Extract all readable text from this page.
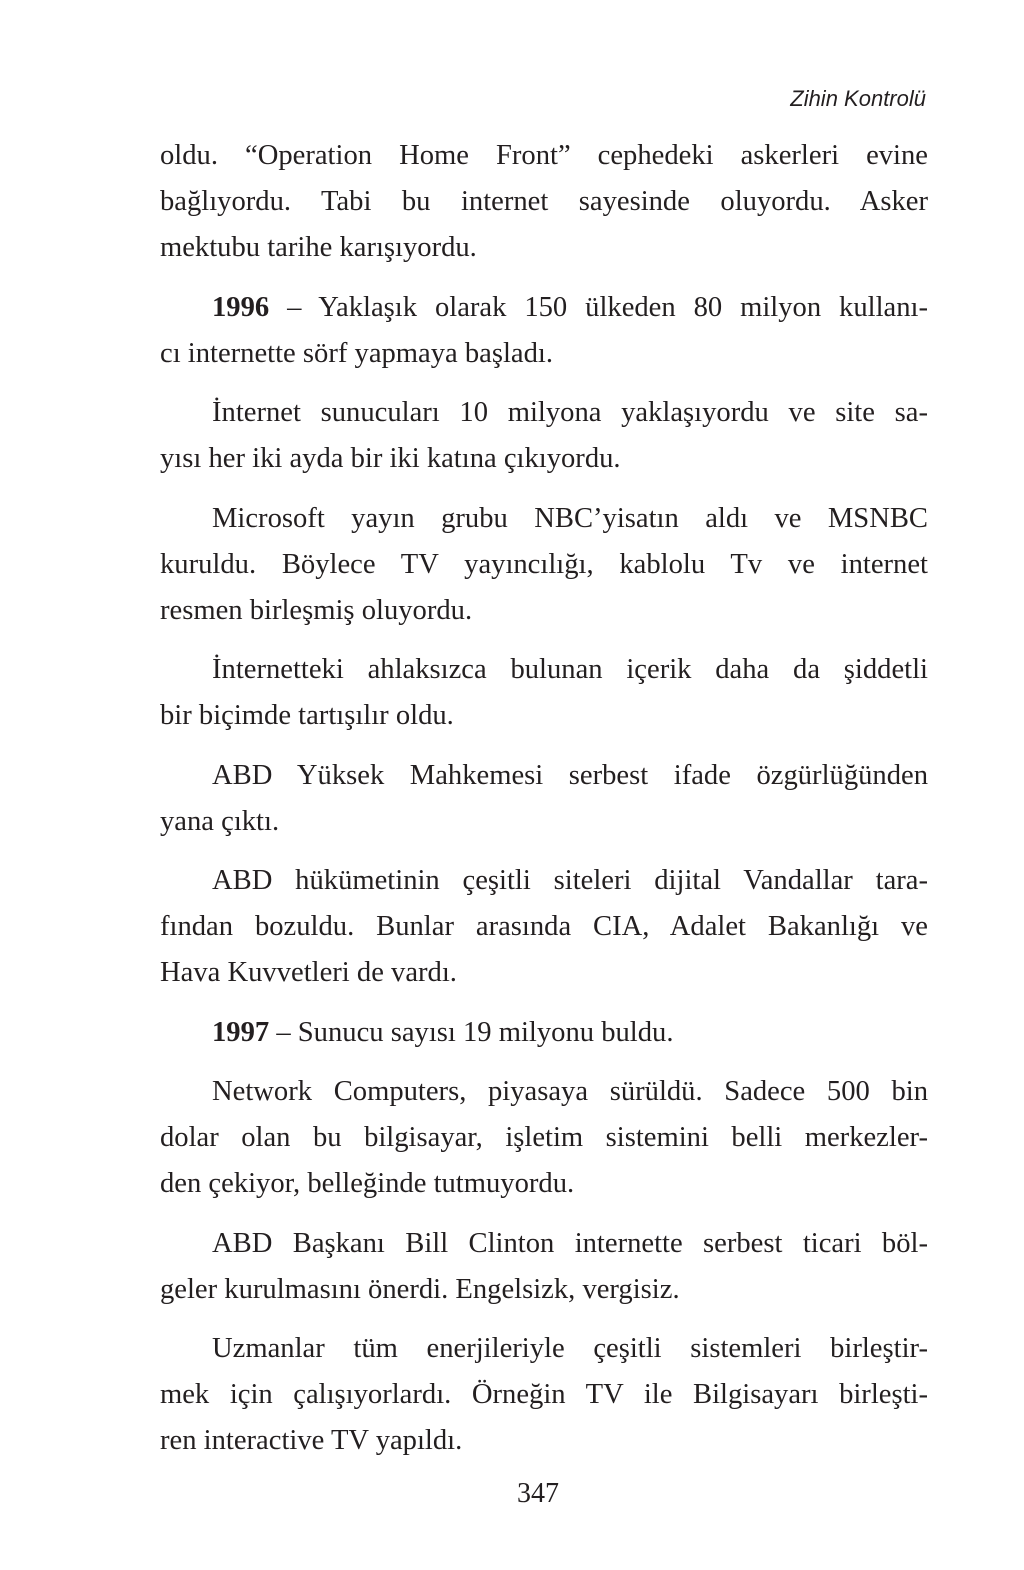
Zihin Kontrolü
oldu. “Operation Home Front” cephedeki askerleri evine
bağlıyordu. Tabi bu internet sayesinde oluyordu. Asker
mektubu tarihe karışıyordu.
1996 – Yaklaşık olarak 150 ülkeden 80 milyon kullanı-
cı internette sörf yapmaya başladı.
İnternet sunucuları 10 milyona yaklaşıyordu ve site sa-
yısı her iki ayda bir iki katına çıkıyordu.
Microsoft yayın grubu NBC’yisatın aldı ve MSNBC
kuruldu. Böylece TV yayıncılığı, kablolu Tv ve internet
resmen birleşmiş oluyordu.
İnternetteki ahlaksızca bulunan içerik daha da şiddetli
bir biçimde tartışılır oldu.
ABD Yüksek Mahkemesi serbest ifade özgürlüğünden
yana çıktı.
ABD hükümetinin çeşitli siteleri dijital Vandallar tara-
fından bozuldu. Bunlar arasında CIA, Adalet Bakanlığı ve
Hava Kuvvetleri de vardı.
1997 – Sunucu sayısı 19 milyonu buldu.
Network Computers, piyasaya sürüldü. Sadece 500 bin
dolar olan bu bilgisayar, işletim sistemini belli merkezler-
den çekiyor, belleğinde tutmuyordu.
ABD Başkanı Bill Clinton internette serbest ticari böl-
geler kurulmasını önerdi. Engelsizk, vergisiz.
Uzmanlar tüm enerjileriyle çeşitli sistemleri birleştir-
mek için çalışıyorlardı. Örneğin TV ile Bilgisayarı birleşti-
ren interactive TV yapıldı.
347
